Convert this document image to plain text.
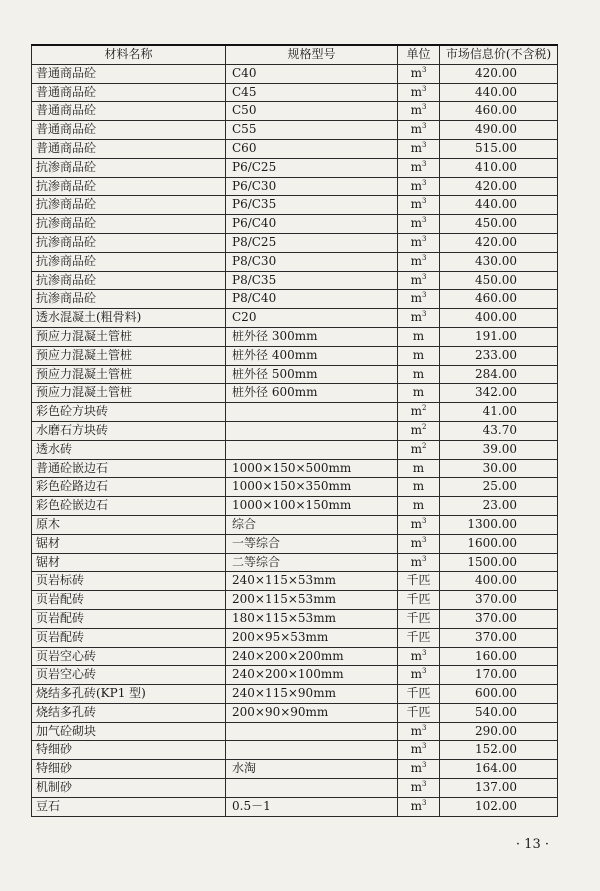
材料名称	规格型号	单位	市场信息价(不含税)
普通商品砼	C40	$m^3$	420.00
普通商品砼	C45	$m^3$	440.00
普通商品砼	C50	$m^3$	460.00
普通商品砼	C55	$m^3$	490.00
普通商品砼	C60	$m^3$	515.00
抗渗商品砼	P6/C25	$m^3$	410.00
抗渗商品砼	P6/C30	$m^3$	420.00
抗渗商品砼	P6/C35	$m^3$	440.00
抗渗商品砼	P6/C40	$m^3$	450.00
抗渗商品砼	P8/C25	$m^3$	420.00
抗渗商品砼	P8/C30	$m^3$	430.00
抗渗商品砼	P8/C35	$m^3$	450.00
抗渗商品砼	P8/C40	$m^3$	460.00
透水混凝土(粗骨料)	C20	$m^3$	400.00
预应力混凝土管桩	桩外径 300mm	m	191.00
预应力混凝土管桩	桩外径 400mm	m	233.00
预应力混凝土管桩	桩外径 500mm	m	284.00
预应力混凝土管桩	桩外径 600mm	m	342.00
彩色砼方块砖		$m^2$	41.00
水磨石方块砖		$m^2$	43.70
透水砖		$m^2$	39.00
普通砼嵌边石	1000×150×500mm	m	30.00
彩色砼路边石	1000×150×350mm	m	25.00
彩色砼嵌边石	1000×100×150mm	m	23.00
原木	综合	$m^3$	1300.00
锯材	一等综合	$m^3$	1600.00
锯材	二等综合	$m^3$	1500.00
页岩标砖	240×115×53mm	千匹	400.00
页岩配砖	200×115×53mm	千匹	370.00
页岩配砖	180×115×53mm	千匹	370.00
页岩配砖	200×95×53mm	千匹	370.00
页岩空心砖	240×200×200mm	$m^3$	160.00
页岩空心砖	240×200×100mm	$m^3$	170.00
烧结多孔砖(KP1 型)	240×115×90mm	千匹	600.00
烧结多孔砖	200×90×90mm	千匹	540.00
加气砼砌块		$m^3$	290.00
特细砂		$m^3$	152.00
特细砂	水淘	$m^3$	164.00
机制砂		$m^3$	137.00
豆石	0.5－1	$m^3$	102.00
· 13 ·
